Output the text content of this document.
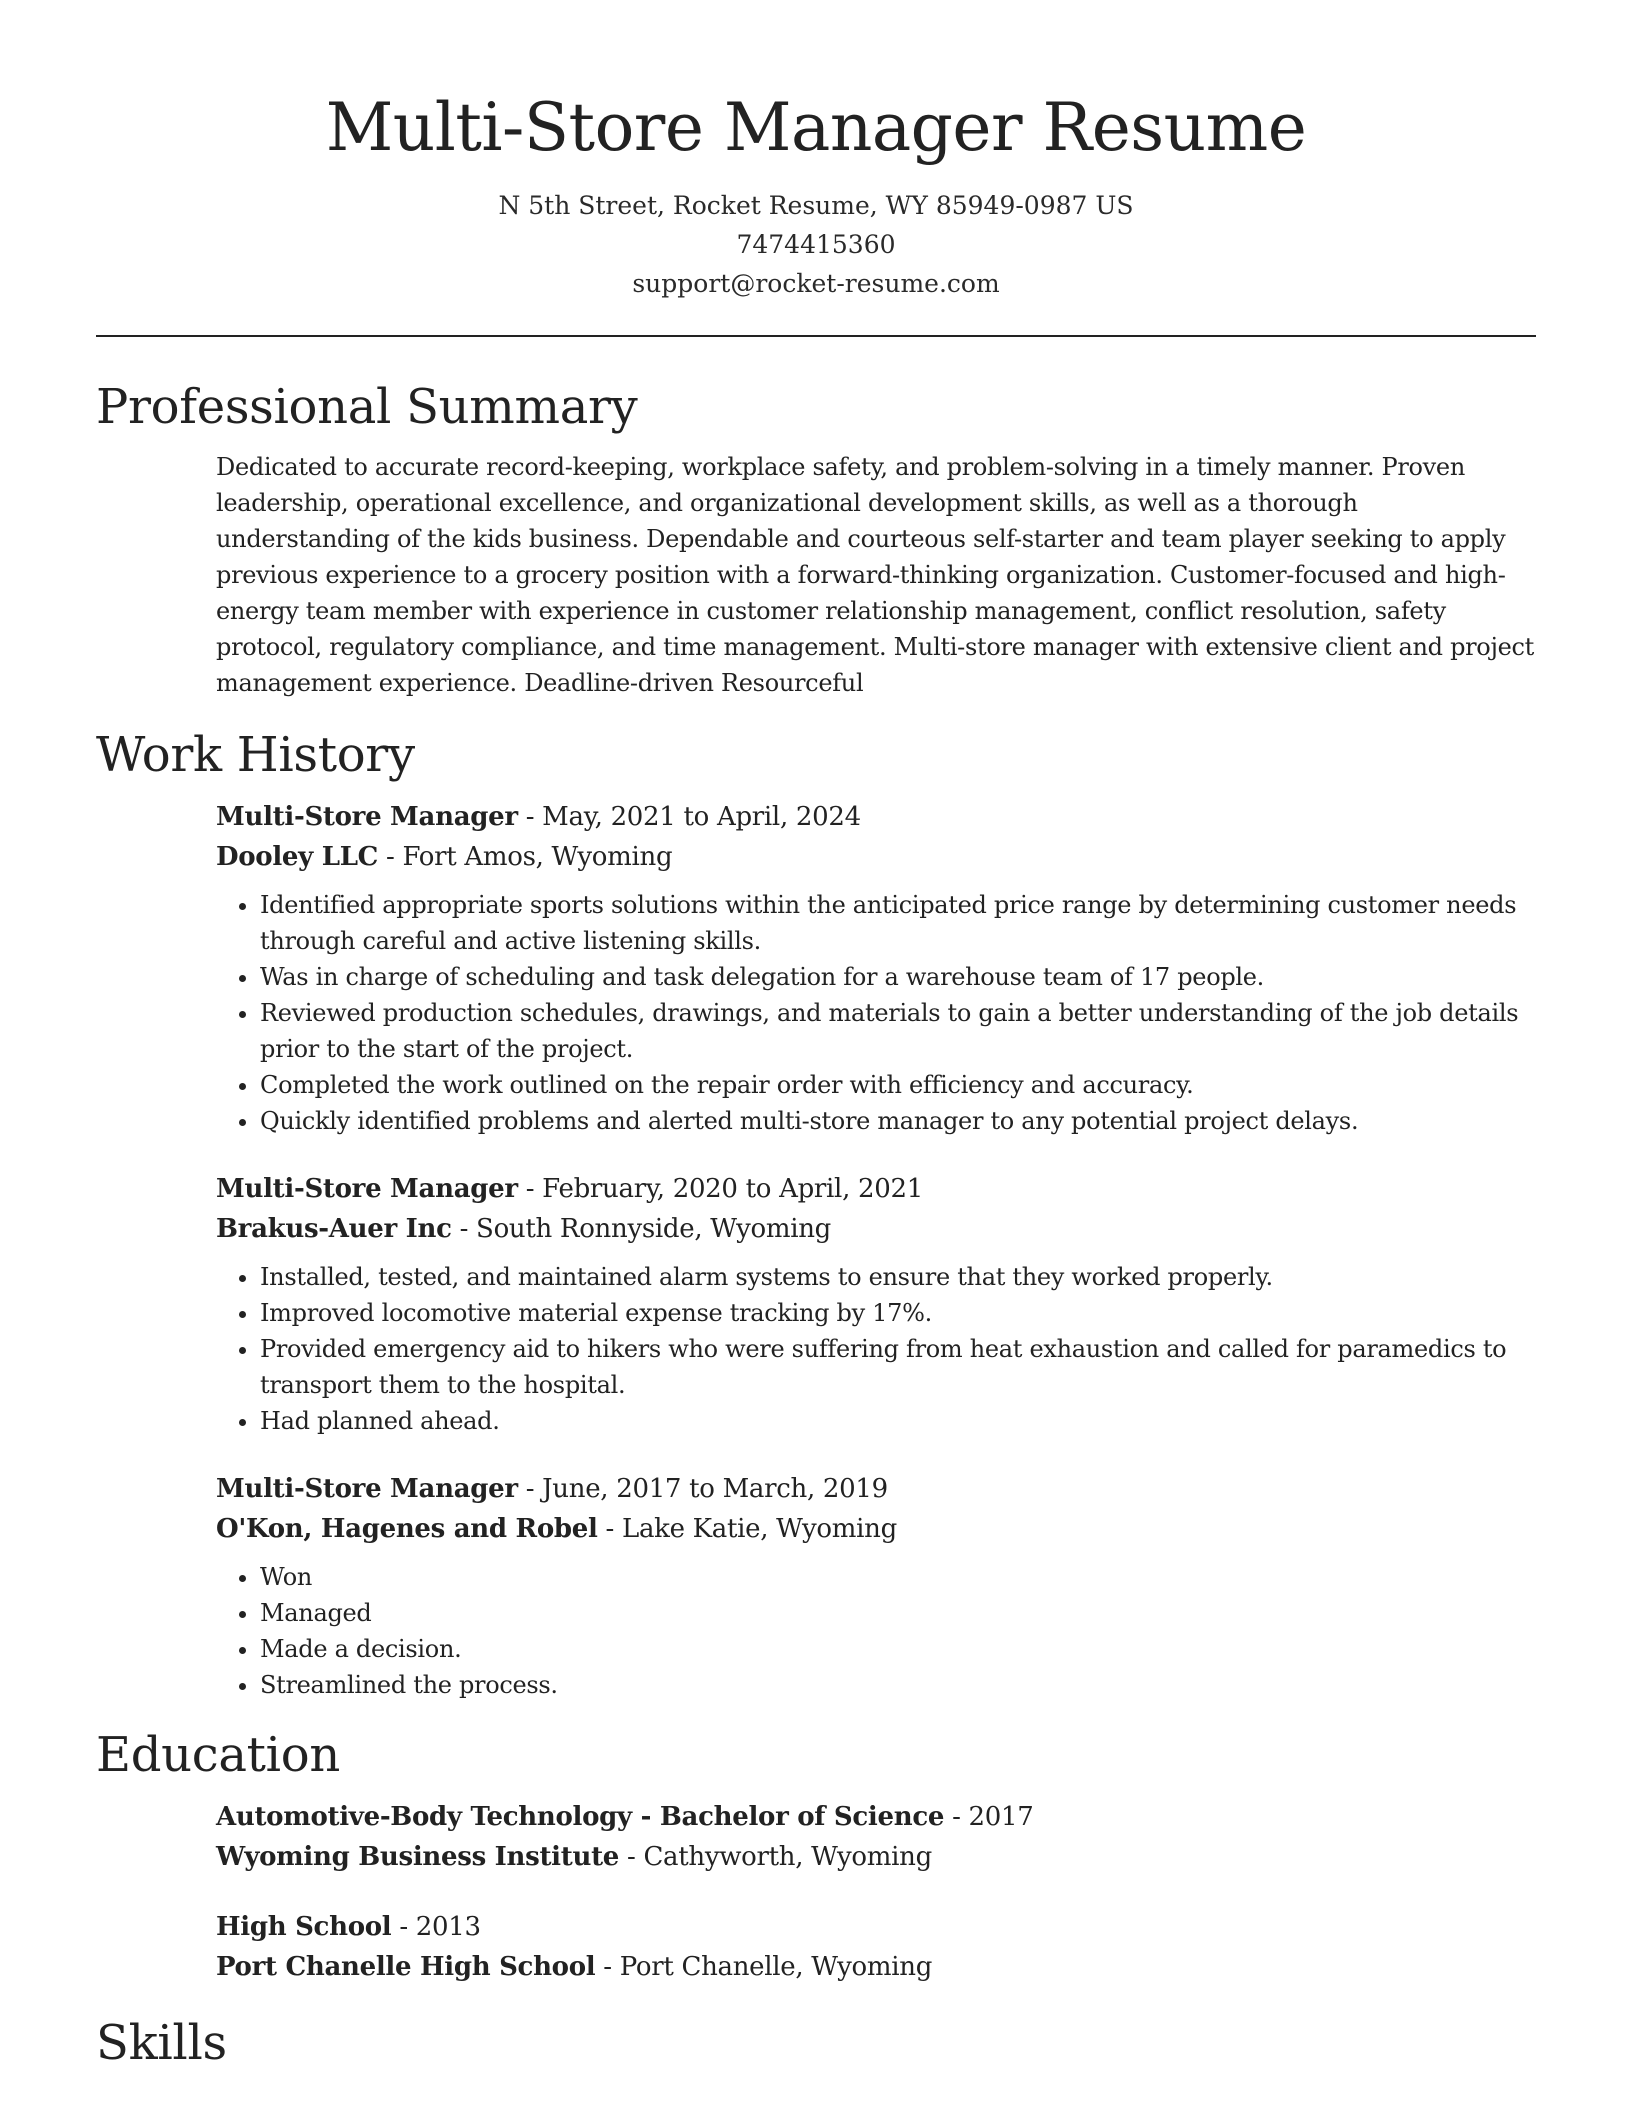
Multi-Store Manager Resume
N 5th Street, Rocket Resume, WY 85949-0987 US
7474415360
support@rocket-resume.com
Professional Summary

Dedicated to accurate record-keeping, workplace safety, and problem-solving in a timely manner. Proven leadership, operational excellence, and organizational development skills, as well as a thorough understanding of the kids business. Dependable and courteous self-starter and team player seeking to apply previous experience to a grocery position with a forward-thinking organization. Customer-focused and high-energy team member with experience in customer relationship management, conflict resolution, safety protocol, regulatory compliance, and time management. Multi-store manager with extensive client and project management experience. Deadline-driven Resourceful

Work History
Multi-Store Manager - May, 2021 to April, 2024
Dooley LLC - Fort Amos, Wyoming
• Identified appropriate sports solutions within the anticipated price range by determining customer needs through careful and active listening skills.
• Was in charge of scheduling and task delegation for a warehouse team of 17 people.
• Reviewed production schedules, drawings, and materials to gain a better understanding of the job details prior to the start of the project.
• Completed the work outlined on the repair order with efficiency and accuracy.
• Quickly identified problems and alerted multi-store manager to any potential project delays.
Multi-Store Manager - February, 2020 to April, 2021
Brakus-Auer Inc - South Ronnyside, Wyoming
• Installed, tested, and maintained alarm systems to ensure that they worked properly.
• Improved locomotive material expense tracking by 17%.
• Provided emergency aid to hikers who were suffering from heat exhaustion and called for paramedics to transport them to the hospital.
• Had planned ahead.
Multi-Store Manager - June, 2017 to March, 2019
O'Kon, Hagenes and Robel - Lake Katie, Wyoming
• Won
• Managed
• Made a decision.
• Streamlined the process.
Education
Automotive-Body Technology - Bachelor of Science - 2017
Wyoming Business Institute - Cathyworth, Wyoming
High School - 2013
Port Chanelle High School - Port Chanelle, Wyoming
Skills
